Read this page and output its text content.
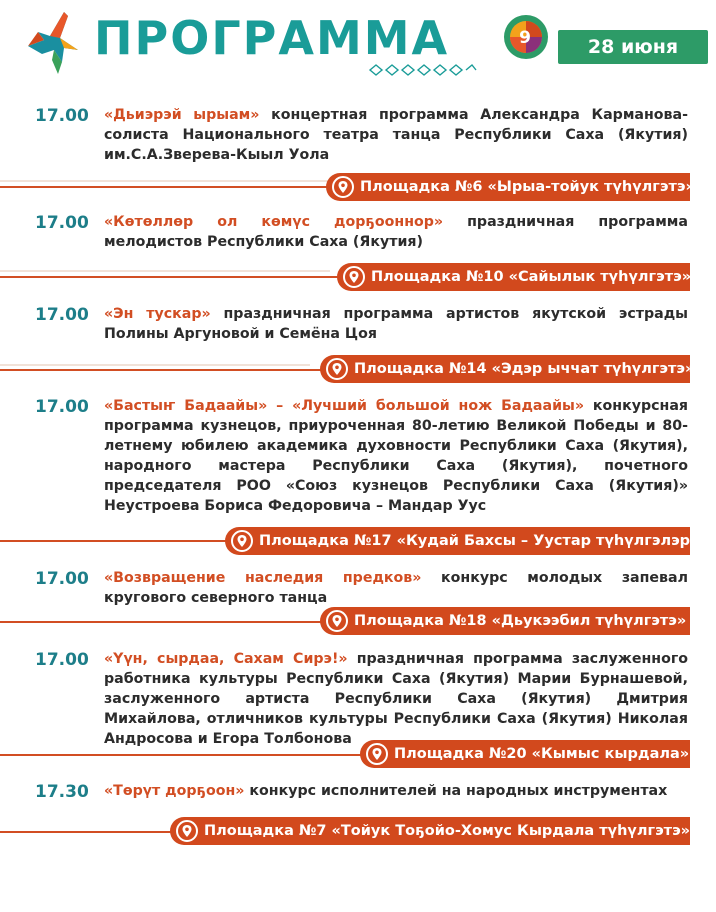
ПРОГРАММА	9	28 июня
17.00 «Дьиэрэй ырыам» концертная программа Александра Карманова-солиста Национального театра танца Республики Саха (Якутия) им.С.А.Зверева-Кыыл Уола
Площадка №6 «Ырыа-тойук түһүлгэтэ»
17.00 «Көтөллөр ол көмүс дорҕооннор» праздничная программа мелодистов Республики Саха (Якутия)
Площадка №10 «Сайылык түһүлгэтэ»
17.00 «Эн тускар» праздничная программа артистов якутской эстрады Полины Аргуновой и Семёна Цоя
Площадка №14 «Эдэр ыччат түһүлгэтэ»
17.00 «Бастыҥ Бадаайы» – «Лучший большой нож Бадаайы» конкурсная программа кузнецов, приуроченная 80-летию Великой Победы и 80-летнему юбилею академика духовности Республики Саха (Якутия), народного мастера Республики Саха (Якутия), почетного председателя РОО «Союз кузнецов Республики Саха (Якутия)» Неустроева Бориса Федоровича – Мандар Уус
Площадка №17 «Кудай Бахсы – Уустар түһүлгэлэрэ»
17.00 «Возвращение наследия предков» конкурс молодых запевал кругового северного танца
Площадка №18 «Дьукээбил түһүлгэтэ»
17.00 «Үүн, сырдаа, Сахам Сирэ!» праздничная программа заслуженного работника культуры Республики Саха (Якутия) Марии Бурнашевой, заслуженного артиста Республики Саха (Якутия) Дмитрия Михайлова, отличников культуры Республики Саха (Якутия) Николая Андросова и Егора Толбонова
Площадка №20 «Кымыс кырдала»
17.30 «Төрүт дорҕоон» конкурс исполнителей на народных инструментах
Площадка №7 «Тойук Тоҕойо-Хомус Кырдала түһүлгэтэ»
